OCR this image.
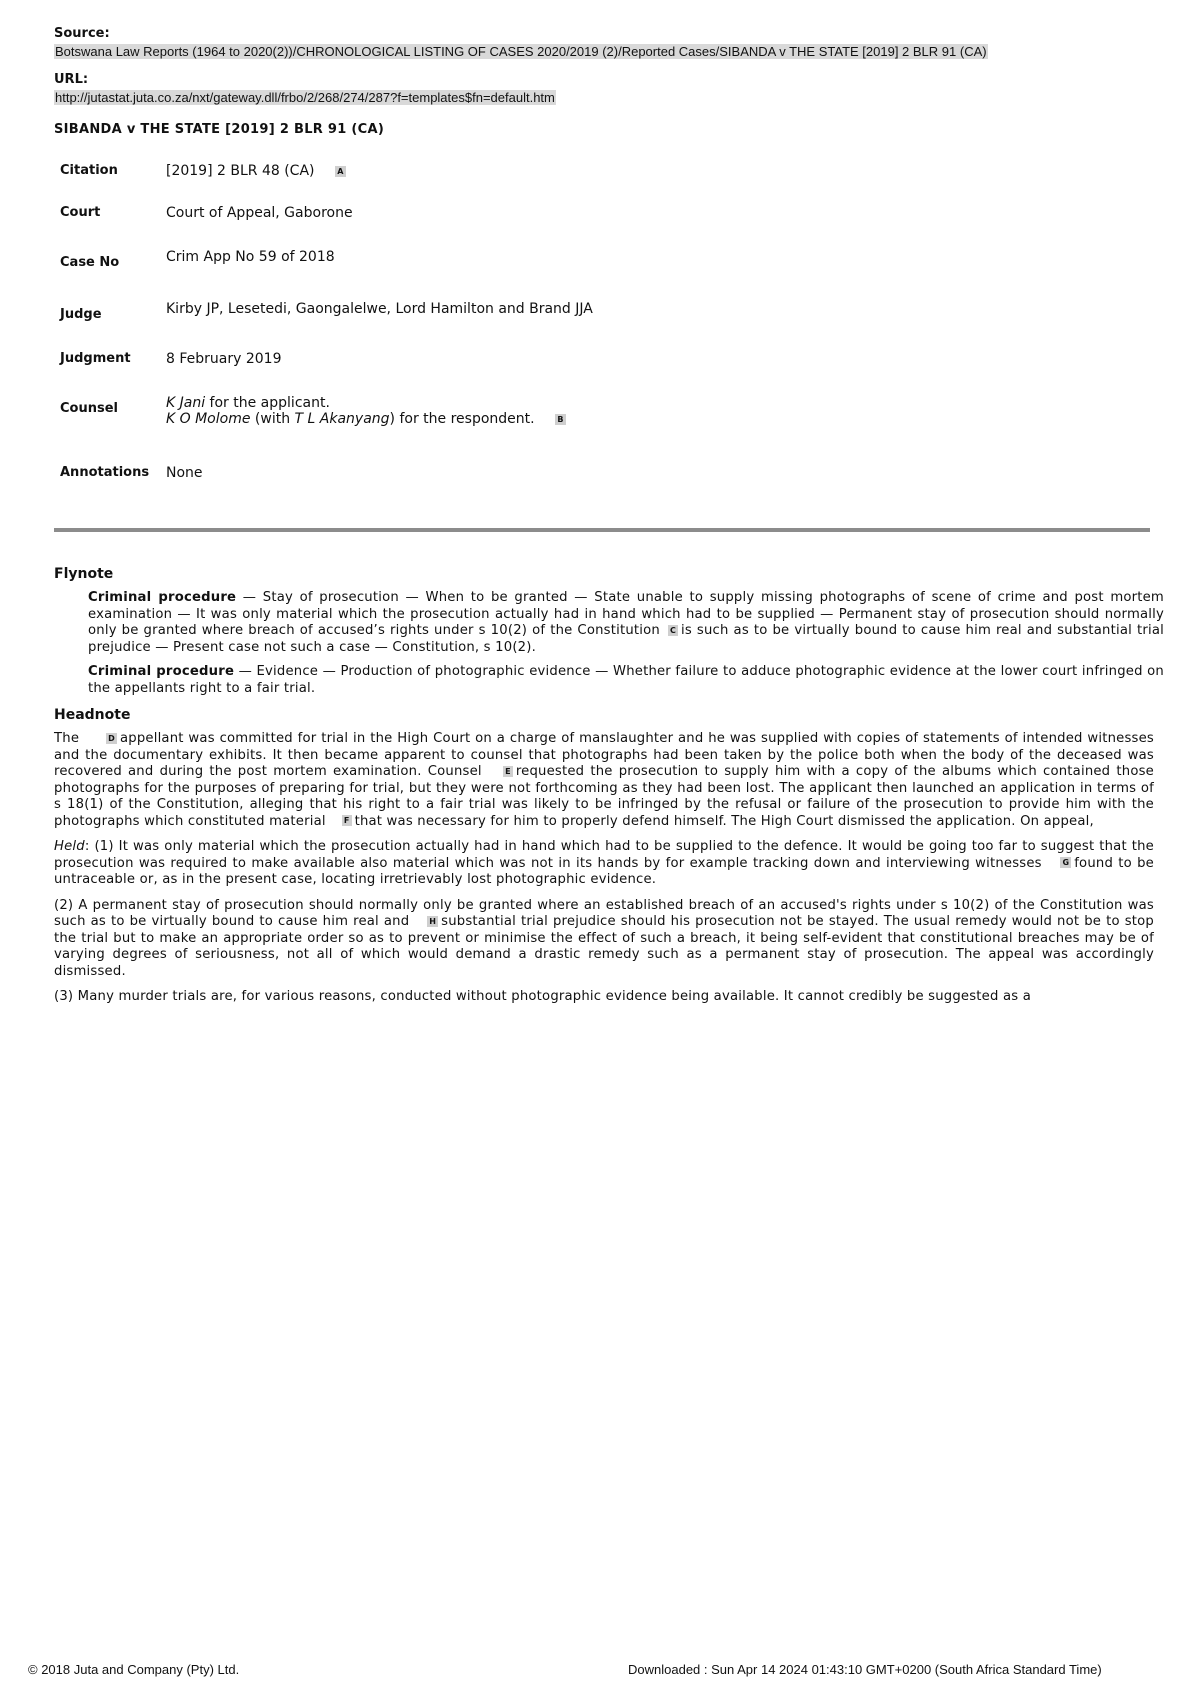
Source:

Botswana Law Reports (1964 to 2020(2))/CHRONOLOGICAL LISTING OF CASES 2020/2019 (2)/Reported Cases/SIBANDA v THE STATE [2019] 2 BLR 91 (CA)

URL:

http://jutastat.juta.co.za/nxt/gateway.dll/frbo/2/268/274/287?f=templates$fn=default.htm
SIBANDA v THE STATE [2019] 2 BLR 91 (CA)
Citation	[2019] 2 BLR 48 (CA) A
Court	Court of Appeal, Gaborone
Case No	Crim App No 59 of 2018
Judge	Kirby JP, Lesetedi, Gaongalelwe, Lord Hamilton and Brand JJA
Judgment	8 February 2019
Counsel	K Jani for the applicant.
K O Molome (with T L Akanyang) for the respondent. B

Annotations	None

Flynote

Criminal procedure — Stay of prosecution — When to be granted — State unable to supply missing photographs of scene of crime and post mortem examination — It was only material which the prosecution actually had in hand which had to be supplied — Permanent stay of prosecution should normally only be granted where breach of accused’s rights under s 10(2) of the Constitution C is such as to be virtually bound to cause him real and substantial trial prejudice — Present case not such a case — Constitution, s 10(2).

Criminal procedure — Evidence — Production of photographic evidence — Whether failure to adduce photographic evidence at the lower court infringed on the appellants right to a fair trial.

Headnote

The	D appellant was committed for trial in the High Court on a charge of manslaughter and he was supplied with copies of statements of intended witnesses and the documentary exhibits. It then became apparent to counsel that photographs had been taken by the police both when the body of the deceased was recovered and during the post mortem examination. Counsel	E requested the prosecution to supply him with a copy of the albums which contained those photographs for the purposes of preparing for trial, but they were not forthcoming as they had been lost. The applicant then launched an application in terms of s 18(1) of the Constitution, alleging that his right to a fair trial was likely to be infringed by the refusal or failure of the prosecution to provide him with the photographs which constituted material F that was necessary for him to properly defend himself. The High Court dismissed the application. On appeal,

Held: (1) It was only material which the prosecution actually had in hand which had to be supplied to the defence. It would be going too far to suggest that the prosecution was required to make available also material which was not in its hands by for example tracking down and interviewing witnesses	G found to be untraceable or, as in the present case, locating irretrievably lost photographic evidence.

(2) A permanent stay of prosecution should normally only be granted where an established breach of an accused's rights under s 10(2) of the Constitution was such as to be virtually bound to cause him real and H substantial trial prejudice should his prosecution not be stayed. The usual remedy would not be to stop the trial but to make an appropriate order so as to prevent or minimise the effect of such a breach, it being self-evident that constitutional breaches may be of varying degrees of seriousness, not all of which would demand a drastic remedy such as a permanent stay of prosecution. The appeal was accordingly dismissed.

(3) Many murder trials are, for various reasons, conducted without photographic evidence being available. It cannot credibly be suggested as a

© 2018 Juta and Company (Pty) Ltd.	Downloaded : Sun Apr 14 2024 01:43:10 GMT+0200 (South Africa Standard Time)
